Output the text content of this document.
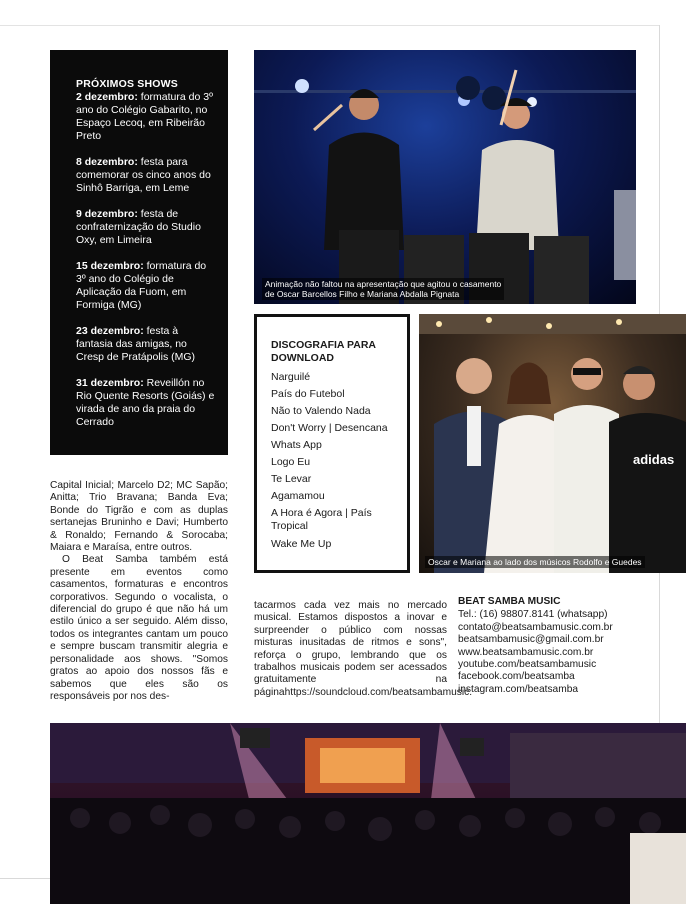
PRÓXIMOS SHOWS

2 dezembro: formatura do 3º ano do Colégio Gabarito, no Espaço Lecoq, em Ribeirão Preto

8 dezembro: festa para comemorar os cinco anos do Sinhô Barriga, em Leme

9 dezembro: festa de confraternização do Studio Oxy, em Limeira

15 dezembro: formatura do 3º ano do Colégio de Aplicação da Fuom, em Formiga (MG)

23 dezembro: festa à fantasia das amigas, no Cresp de Pratápolis (MG)

31 dezembro: Reveillón no Rio Quente Resorts (Goiás) e virada de ano da praia do Cerrado

Animação não faltou na apresentação que agitou o casamento
de Oscar Barcellos Filho e Mariana Abdalla Pignata
DISCOGRAFIA PARA DOWNLOAD
Narguilé
País do Futebol
Não to Valendo Nada
Don't Worry | Desencana
Whats App
Logo Eu
Te Levar
Agamamou
A Hora é Agora | País Tropical
Wake Me Up
adidas
Oscar e Mariana ao lado dos músicos Rodolfo e Guedes

Capital Inicial; Marcelo D2; MC Sapão; Anitta; Trio Bravana; Banda Eva; Bonde do Tigrão e com as duplas sertanejas Bruninho e Davi; Humberto & Ronaldo; Fernando & Sorocaba; Maiara e Maraísa, entre outros.

O Beat Samba também está presente em eventos como casamentos, formaturas e encontros corporativos. Segundo o vocalista, o diferencial do grupo é que não há um estilo único a ser seguido. Além disso, todos os integrantes cantam um pouco e sempre buscam transmitir alegria e personalidade aos shows. "Somos gratos ao apoio dos nossos fãs e sabemos que eles são os responsáveis por nos des-

tacarmos cada vez mais no mercado musical. Estamos dispostos a inovar e surpreender o público com nossas misturas inusitadas de ritmos e sons", reforça o grupo, lembrando que os trabalhos musicais podem ser acessados gratuitamente na páginahttps://soundcloud.com/beatsambamusic.
BEAT SAMBA MUSIC
Tel.: (16) 98807.8141 (whatsapp)
contato@beatsambamusic.com.br
beatsambamusic@gmail.com.br
www.beatsambamusic.com.br
youtube.com/beatsambamusic
facebook.com/beatsamba
instagram.com/beatsamba
